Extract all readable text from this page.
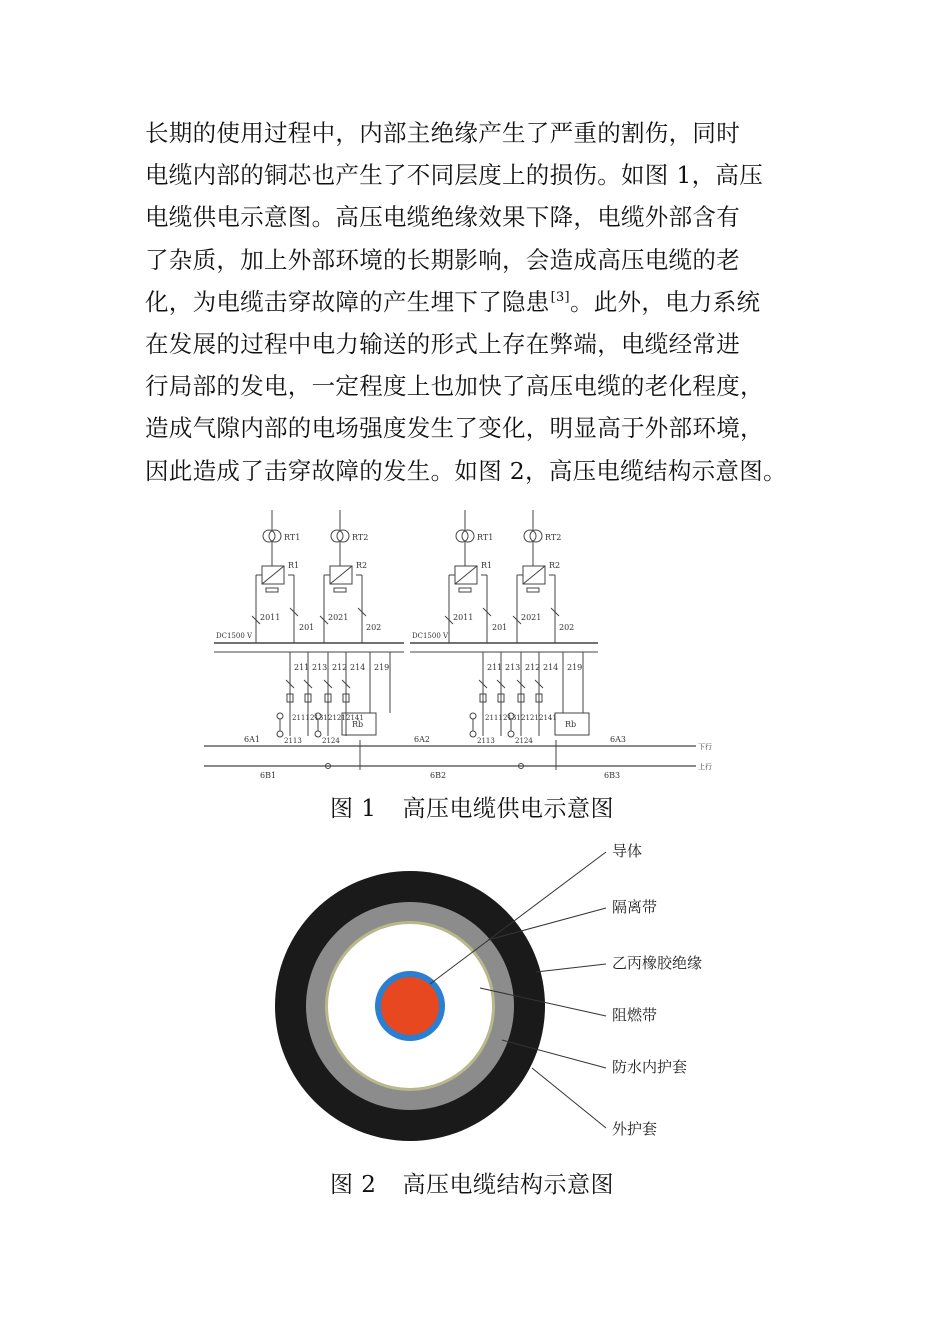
长期的使用过程中，内部主绝缘产生了严重的割伤，同时
电缆内部的铜芯也产生了不同层度上的损伤。如图 1，高压
电缆供电示意图。高压电缆绝缘效果下降，电缆外部含有
了杂质，加上外部环境的长期影响，会造成高压电缆的老
化，为电缆击穿故障的产生埋下了隐患[3]。此外，电力系统
在发展的过程中电力输送的形式上存在弊端，电缆经常进
行局部的发电，一定程度上也加快了高压电缆的老化程度，
造成气隙内部的电场强度发生了变化，明显高于外部环境，
因此造成了击穿故障的发生。如图 2，高压电缆结构示意图。
RT1	RT2
R1	R2
2011	2021
201	202
DC1500 V
211 213 212 214 219
2111 2131 2121 2141
2113	2124
Rb
RT1	RT2
R1	R2
2011	2021
201	202
DC1500 V
211 213 212 214 219
2111 2131 2121 2141
2113	2124
Rb
6A1	6A2	6A3
6B1	6B2	6B3
下行
上行
图 1 高压电缆供电示意图
导体
隔离带
乙丙橡胶绝缘
阻燃带
防水内护套
外护套
图 2 高压电缆结构示意图
